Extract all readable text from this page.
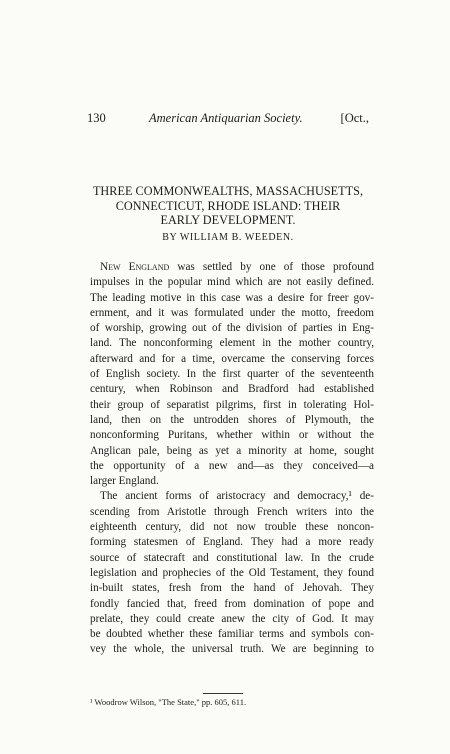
130	American Antiquarian Society.	[Oct.,
THREE COMMONWEALTHS, MASSACHUSETTS,
CONNECTICUT, RHODE ISLAND: THEIR
EARLY DEVELOPMENT.
BY WILLIAM B. WEEDEN.
New England was settled by one of those profound
impulses in the popular mind which are not easily defined.
The leading motive in this case was a desire for freer gov-
ernment, and it was formulated under the motto, freedom
of worship, growing out of the division of parties in Eng-
land. The nonconforming element in the mother country,
afterward and for a time, overcame the conserving forces
of English society. In the first quarter of the seventeenth
century, when Robinson and Bradford had established
their group of separatist pilgrims, first in tolerating Hol-
land, then on the untrodden shores of Plymouth, the
nonconforming Puritans, whether within or without the
Anglican pale, being as yet a minority at home, sought
the opportunity of a new and—as they conceived—a
larger England.
The ancient forms of aristocracy and democracy,¹ de-
scending from Aristotle through French writers into the
eighteenth century, did not now trouble these noncon-
forming statesmen of England. They had a more ready
source of statecraft and constitutional law. In the crude
legislation and prophecies of the Old Testament, they found
in-built states, fresh from the hand of Jehovah. They
fondly fancied that, freed from domination of pope and
prelate, they could create anew the city of God. It may
be doubted whether these familiar terms and symbols con-
vey the whole, the universal truth. We are beginning to
¹ Woodrow Wilson, "The State," pp. 605, 611.
